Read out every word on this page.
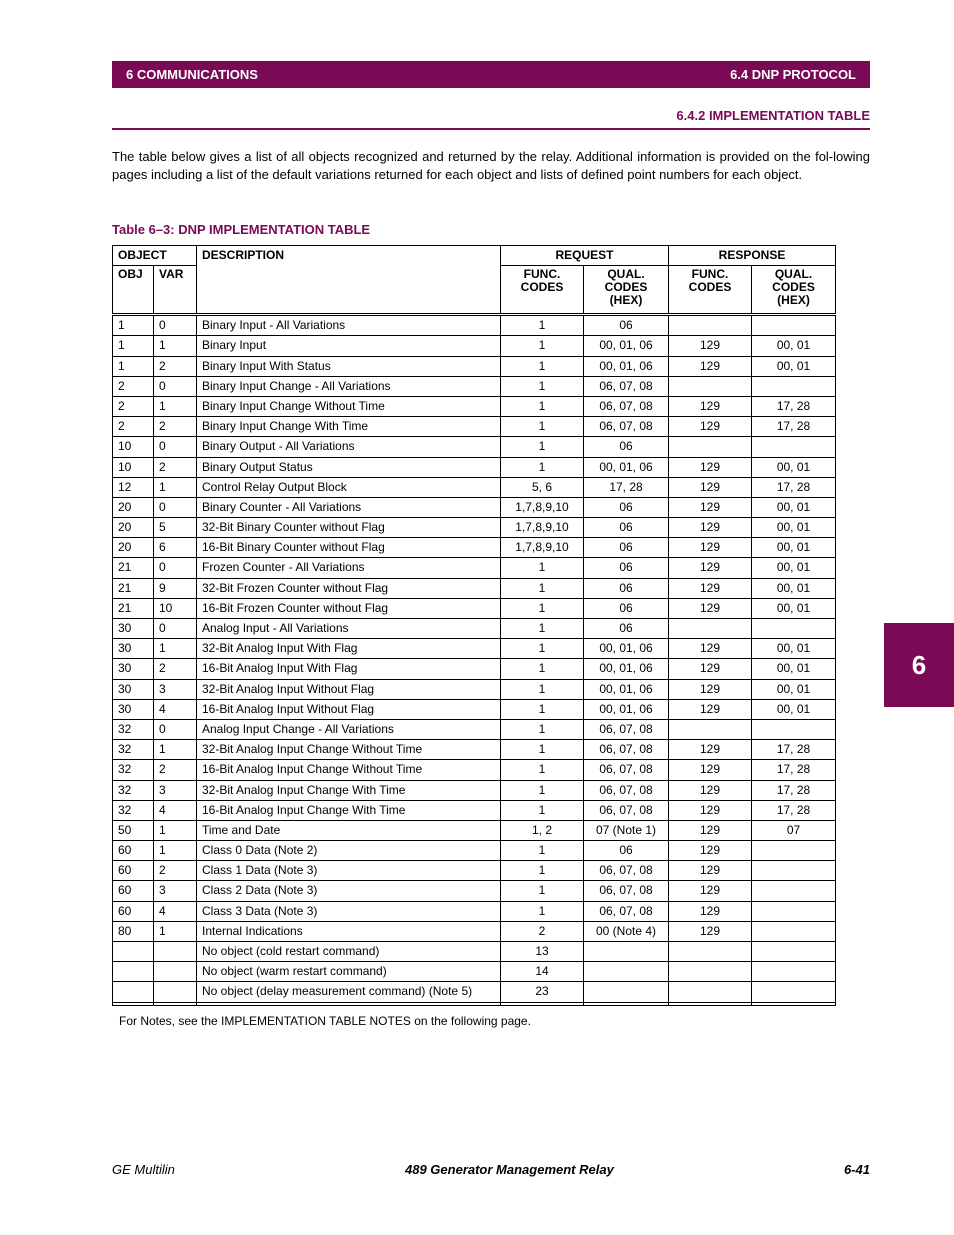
6 COMMUNICATIONS	6.4 DNP PROTOCOL
6.4.2 IMPLEMENTATION TABLE
The table below gives a list of all objects recognized and returned by the relay. Additional information is provided on the fol-lowing pages including a list of the default variations returned for each object and lists of defined point numbers for each object.
Table 6–3: DNP IMPLEMENTATION TABLE
OBJECT		DESCRIPTION	REQUEST		RESPONSE	
OBJ	VAR		FUNC. CODES	QUAL. CODES (HEX)	FUNC. CODES	QUAL. CODES (HEX)
1	0	Binary Input - All Variations	1	06		
1	1	Binary Input	1	00, 01, 06	129	00, 01
1	2	Binary Input With Status	1	00, 01, 06	129	00, 01
2	0	Binary Input Change - All Variations	1	06, 07, 08		
2	1	Binary Input Change Without Time	1	06, 07, 08	129	17, 28
2	2	Binary Input Change With Time	1	06, 07, 08	129	17, 28
10	0	Binary Output - All Variations	1	06		
10	2	Binary Output Status	1	00, 01, 06	129	00, 01
12	1	Control Relay Output Block	5, 6	17, 28	129	17, 28
20	0	Binary Counter - All Variations	1,7,8,9,10	06	129	00, 01
20	5	32-Bit Binary Counter without Flag	1,7,8,9,10	06	129	00, 01
20	6	16-Bit Binary Counter without Flag	1,7,8,9,10	06	129	00, 01
21	0	Frozen Counter - All Variations	1	06	129	00, 01
21	9	32-Bit Frozen Counter without Flag	1	06	129	00, 01
21	10	16-Bit Frozen Counter without Flag	1	06	129	00, 01
30	0	Analog Input - All Variations	1	06		
30	1	32-Bit Analog Input With Flag	1	00, 01, 06	129	00, 01
30	2	16-Bit Analog Input With Flag	1	00, 01, 06	129	00, 01
30	3	32-Bit Analog Input Without Flag	1	00, 01, 06	129	00, 01
30	4	16-Bit Analog Input Without Flag	1	00, 01, 06	129	00, 01
32	0	Analog Input Change - All Variations	1	06, 07, 08		
32	1	32-Bit Analog Input Change Without Time	1	06, 07, 08	129	17, 28
32	2	16-Bit Analog Input Change Without Time	1	06, 07, 08	129	17, 28
32	3	32-Bit Analog Input Change With Time	1	06, 07, 08	129	17, 28
32	4	16-Bit Analog Input Change With Time	1	06, 07, 08	129	17, 28
50	1	Time and Date	1, 2	07 (Note 1)	129	07
60	1	Class 0 Data (Note 2)	1	06	129	
60	2	Class 1 Data (Note 3)	1	06, 07, 08	129	
60	3	Class 2 Data (Note 3)	1	06, 07, 08	129	
60	4	Class 3 Data (Note 3)	1	06, 07, 08	129	
80	1	Internal Indications	2	00 (Note 4)	129	
		No object (cold restart command)	13			
		No object (warm restart command)	14			
		No object (delay measurement command) (Note 5)	23			

For Notes, see the IMPLEMENTATION TABLE NOTES on the following page.
6
GE Multilin	489 Generator Management Relay	6-41
